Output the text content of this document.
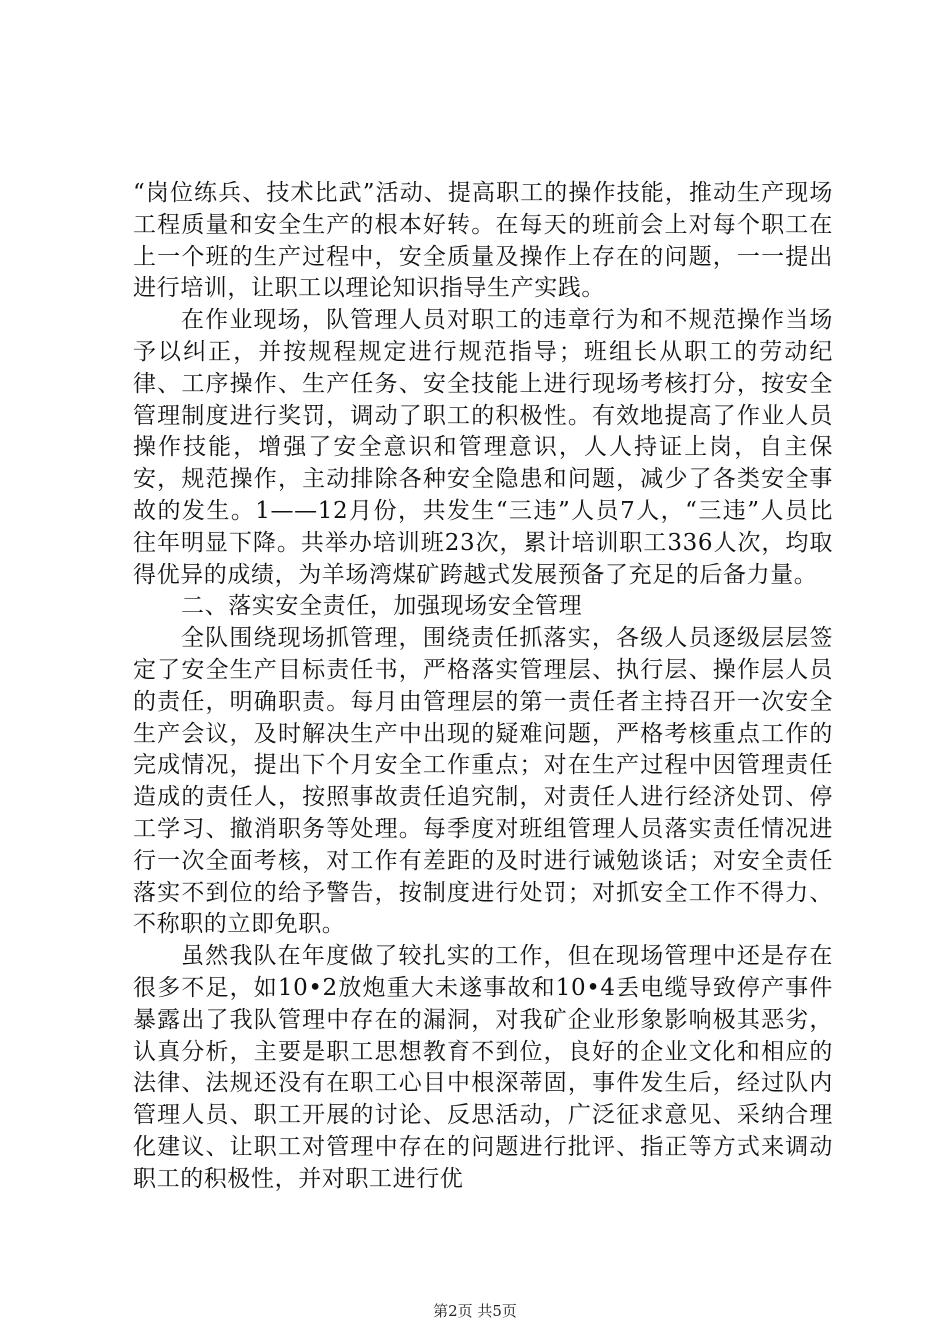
“岗位练兵、技术比武”活动、提高职工的操作技能，推动生产现场工程质量和安全生产的根本好转。在每天的班前会上对每个职工在上一个班的生产过程中，安全质量及操作上存在的问题，一一提出进行培训，让职工以理论知识指导生产实践。

在作业现场，队管理人员对职工的违章行为和不规范操作当场予以纠正，并按规程规定进行规范指导；班组长从职工的劳动纪律、工序操作、生产任务、安全技能上进行现场考核打分，按安全管理制度进行奖罚，调动了职工的积极性。有效地提高了作业人员操作技能，增强了安全意识和管理意识，人人持证上岗，自主保安，规范操作，主动排除各种安全隐患和问题，减少了各类安全事故的发生。1——12月份，共发生“三违”人员7人，“三违”人员比往年明显下降。共举办培训班23次，累计培训职工336人次，均取得优异的成绩，为羊场湾煤矿跨越式发展预备了充足的后备力量。

二、落实安全责任，加强现场安全管理

全队围绕现场抓管理，围绕责任抓落实，各级人员逐级层层签定了安全生产目标责任书，严格落实管理层、执行层、操作层人员的责任，明确职责。每月由管理层的第一责任者主持召开一次安全生产会议，及时解决生产中出现的疑难问题，严格考核重点工作的完成情况，提出下个月安全工作重点；对在生产过程中因管理责任造成的责任人，按照事故责任追究制，对责任人进行经济处罚、停工学习、撤消职务等处理。每季度对班组管理人员落实责任情况进行一次全面考核，对工作有差距的及时进行诫勉谈话；对安全责任落实不到位的给予警告，按制度进行处罚；对抓安全工作不得力、不称职的立即免职。

虽然我队在年度做了较扎实的工作，但在现场管理中还是存在很多不足，如10•2放炮重大未遂事故和10•4丢电缆导致停产事件暴露出了我队管理中存在的漏洞，对我矿企业形象影响极其恶劣，认真分析，主要是职工思想教育不到位，良好的企业文化和相应的法律、法规还没有在职工心目中根深蒂固，事件发生后，经过队内管理人员、职工开展的讨论、反思活动，广泛征求意见、采纳合理化建议、让职工对管理中存在的问题进行批评、指正等方式来调动职工的积极性，并对职工进行优

第2页 共5页
